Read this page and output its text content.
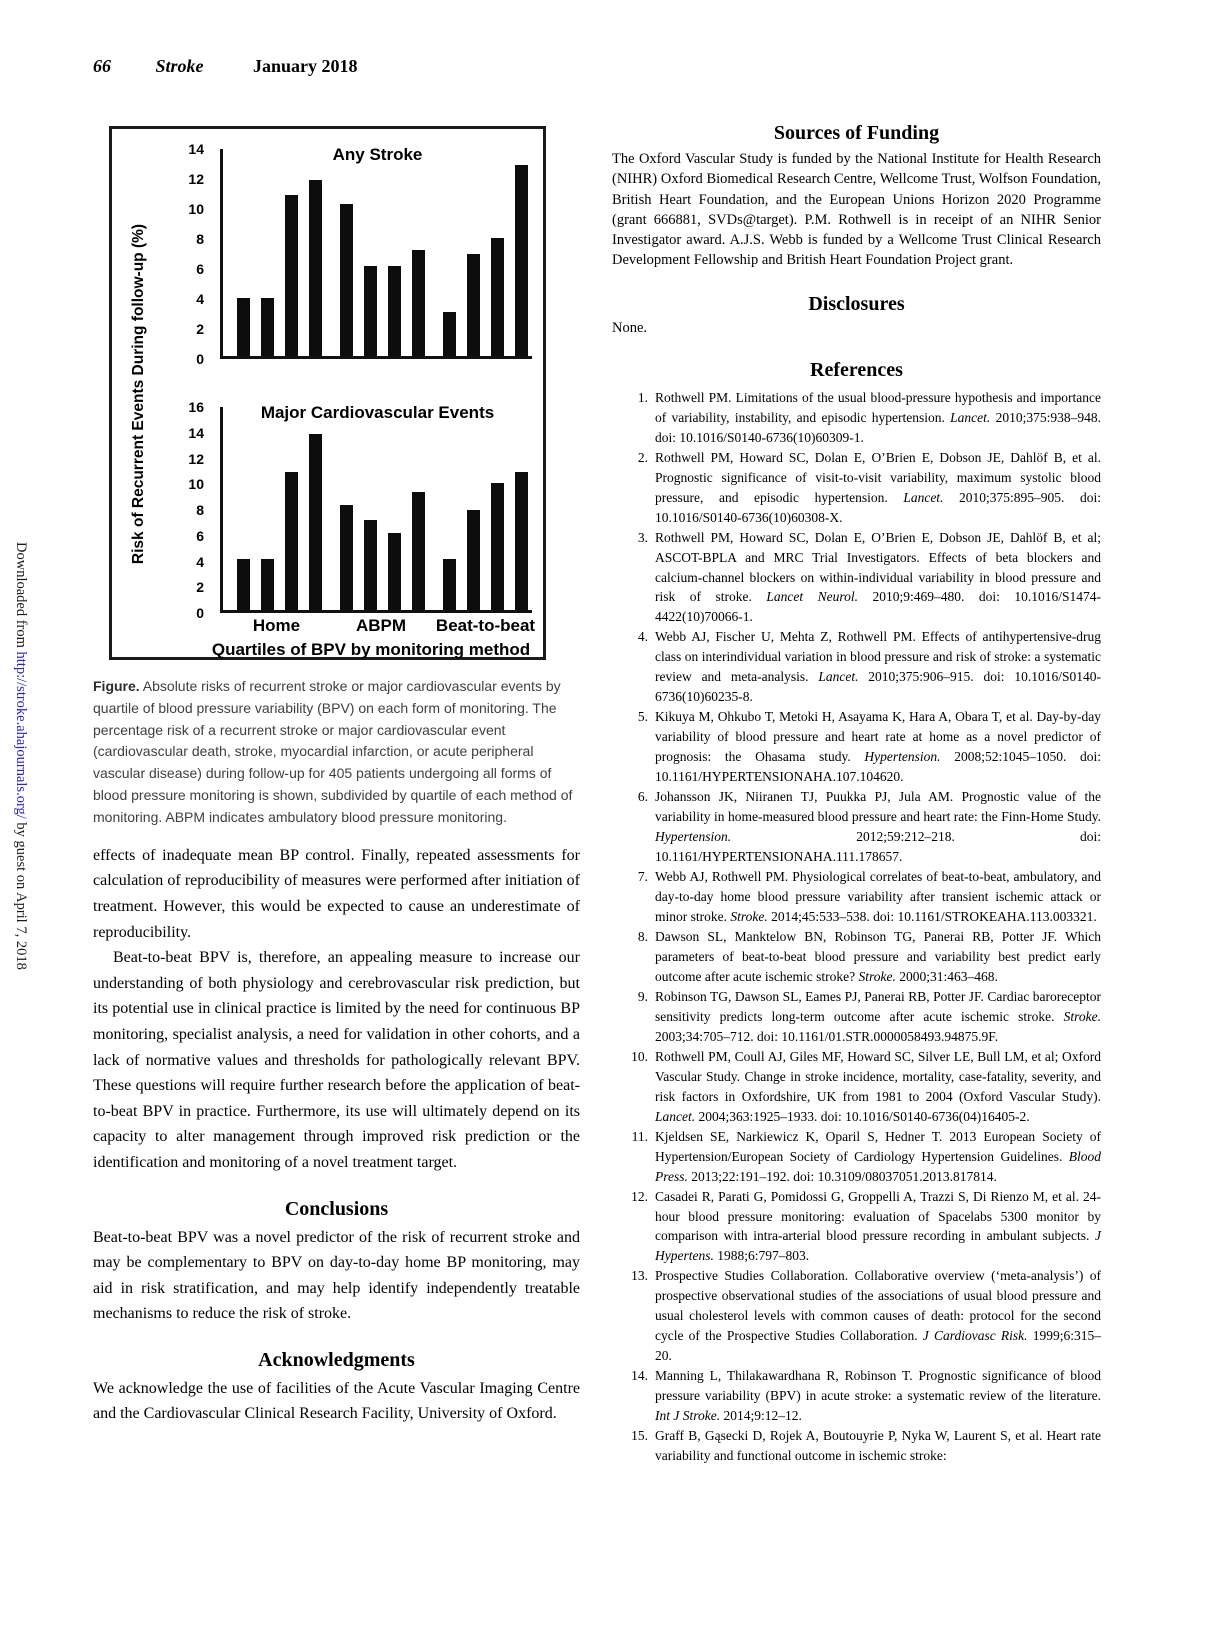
66 Stroke	January 2018
Downloaded from http://stroke.ahajournals.org/ by guest on April 7, 2018
Risk of Recurrent Events During follow-up (%)
Any Stroke
0
2
4
6
8
10
12
14
Major Cardiovascular Events
0
2
4
6
8
10
12
14
16
Home	ABPM	Beat-to-beat
Quartiles of BPV by monitoring method

Figure. Absolute risks of recurrent stroke or major cardiovascular events by quartile of blood pressure variability (BPV) on each form of monitoring. The percentage risk of a recurrent stroke or major cardiovascular event (cardiovascular death, stroke, myocardial infarction, or acute peripheral vascular disease) during follow-up for 405 patients undergoing all forms of blood pressure monitoring is shown, subdivided by quartile of each method of monitoring. ABPM indicates ambulatory blood pressure monitoring.

effects of inadequate mean BP control. Finally, repeated assessments for calculation of reproducibility of measures were performed after initiation of treatment. However, this would be expected to cause an underestimate of reproducibility.

Beat-to-beat BPV is, therefore, an appealing measure to increase our understanding of both physiology and cerebrovascular risk prediction, but its potential use in clinical practice is limited by the need for continuous BP monitoring, specialist analysis, a need for validation in other cohorts, and a lack of normative values and thresholds for pathologically relevant BPV. These questions will require further research before the application of beat-to-beat BPV in practice. Furthermore, its use will ultimately depend on its capacity to alter management through improved risk prediction or the identification and monitoring of a novel treatment target.

Conclusions

Beat-to-beat BPV was a novel predictor of the risk of recurrent stroke and may be complementary to BPV on day-to-day home BP monitoring, may aid in risk stratification, and may help identify independently treatable mechanisms to reduce the risk of stroke.

Acknowledgments

We acknowledge the use of facilities of the Acute Vascular Imaging Centre and the Cardiovascular Clinical Research Facility, University of Oxford.

Sources of Funding

The Oxford Vascular Study is funded by the National Institute for Health Research (NIHR) Oxford Biomedical Research Centre, Wellcome Trust, Wolfson Foundation, British Heart Foundation, and the European Unions Horizon 2020 Programme (grant 666881, SVDs@target). P.M. Rothwell is in receipt of an NIHR Senior Investigator award. A.J.S. Webb is funded by a Wellcome Trust Clinical Research Development Fellowship and British Heart Foundation Project grant.

Disclosures

None.

References
1. Rothwell PM. Limitations of the usual blood-pressure hypothesis and importance of variability, instability, and episodic hypertension. Lancet. 2010;375:938–948. doi: 10.1016/S0140-6736(10)60309-1.
2. Rothwell PM, Howard SC, Dolan E, O’Brien E, Dobson JE, Dahlöf B, et al. Prognostic significance of visit-to-visit variability, maximum systolic blood pressure, and episodic hypertension. Lancet. 2010;375:895–905. doi: 10.1016/S0140-6736(10)60308-X.
3. Rothwell PM, Howard SC, Dolan E, O’Brien E, Dobson JE, Dahlöf B, et al; ASCOT-BPLA and MRC Trial Investigators. Effects of beta blockers and calcium-channel blockers on within-individual variability in blood pressure and risk of stroke. Lancet Neurol. 2010;9:469–480. doi: 10.1016/S1474-4422(10)70066-1.
4. Webb AJ, Fischer U, Mehta Z, Rothwell PM. Effects of antihypertensive-drug class on interindividual variation in blood pressure and risk of stroke: a systematic review and meta-analysis. Lancet. 2010;375:906–915. doi: 10.1016/S0140-6736(10)60235-8.
5. Kikuya M, Ohkubo T, Metoki H, Asayama K, Hara A, Obara T, et al. Day-by-day variability of blood pressure and heart rate at home as a novel predictor of prognosis: the Ohasama study. Hypertension. 2008;52:1045–1050. doi: 10.1161/HYPERTENSIONAHA.107.104620.
6. Johansson JK, Niiranen TJ, Puukka PJ, Jula AM. Prognostic value of the variability in home-measured blood pressure and heart rate: the Finn-Home Study. Hypertension. 2012;59:212–218. doi: 10.1161/HYPERTENSIONAHA.111.178657.
7. Webb AJ, Rothwell PM. Physiological correlates of beat-to-beat, ambulatory, and day-to-day home blood pressure variability after transient ischemic attack or minor stroke. Stroke. 2014;45:533–538. doi: 10.1161/STROKEAHA.113.003321.
8. Dawson SL, Manktelow BN, Robinson TG, Panerai RB, Potter JF. Which parameters of beat-to-beat blood pressure and variability best predict early outcome after acute ischemic stroke? Stroke. 2000;31:463–468.
9. Robinson TG, Dawson SL, Eames PJ, Panerai RB, Potter JF. Cardiac baroreceptor sensitivity predicts long-term outcome after acute ischemic stroke. Stroke. 2003;34:705–712. doi: 10.1161/01.STR.0000058493.94875.9F.
10. Rothwell PM, Coull AJ, Giles MF, Howard SC, Silver LE, Bull LM, et al; Oxford Vascular Study. Change in stroke incidence, mortality, case-fatality, severity, and risk factors in Oxfordshire, UK from 1981 to 2004 (Oxford Vascular Study). Lancet. 2004;363:1925–1933. doi: 10.1016/S0140-6736(04)16405-2.
11. Kjeldsen SE, Narkiewicz K, Oparil S, Hedner T. 2013 European Society of Hypertension/European Society of Cardiology Hypertension Guidelines. Blood Press. 2013;22:191–192. doi: 10.3109/08037051.2013.817814.
12. Casadei R, Parati G, Pomidossi G, Groppelli A, Trazzi S, Di Rienzo M, et al. 24-hour blood pressure monitoring: evaluation of Spacelabs 5300 monitor by comparison with intra-arterial blood pressure recording in ambulant subjects. J Hypertens. 1988;6:797–803.
13. Prospective Studies Collaboration. Collaborative overview (‘meta-analysis’) of prospective observational studies of the associations of usual blood pressure and usual cholesterol levels with common causes of death: protocol for the second cycle of the Prospective Studies Collaboration. J Cardiovasc Risk. 1999;6:315–20.
14. Manning L, Thilakawardhana R, Robinson T. Prognostic significance of blood pressure variability (BPV) in acute stroke: a systematic review of the literature. Int J Stroke. 2014;9:12–12.
15. Graff B, Gąsecki D, Rojek A, Boutouyrie P, Nyka W, Laurent S, et al. Heart rate variability and functional outcome in ischemic stroke:
